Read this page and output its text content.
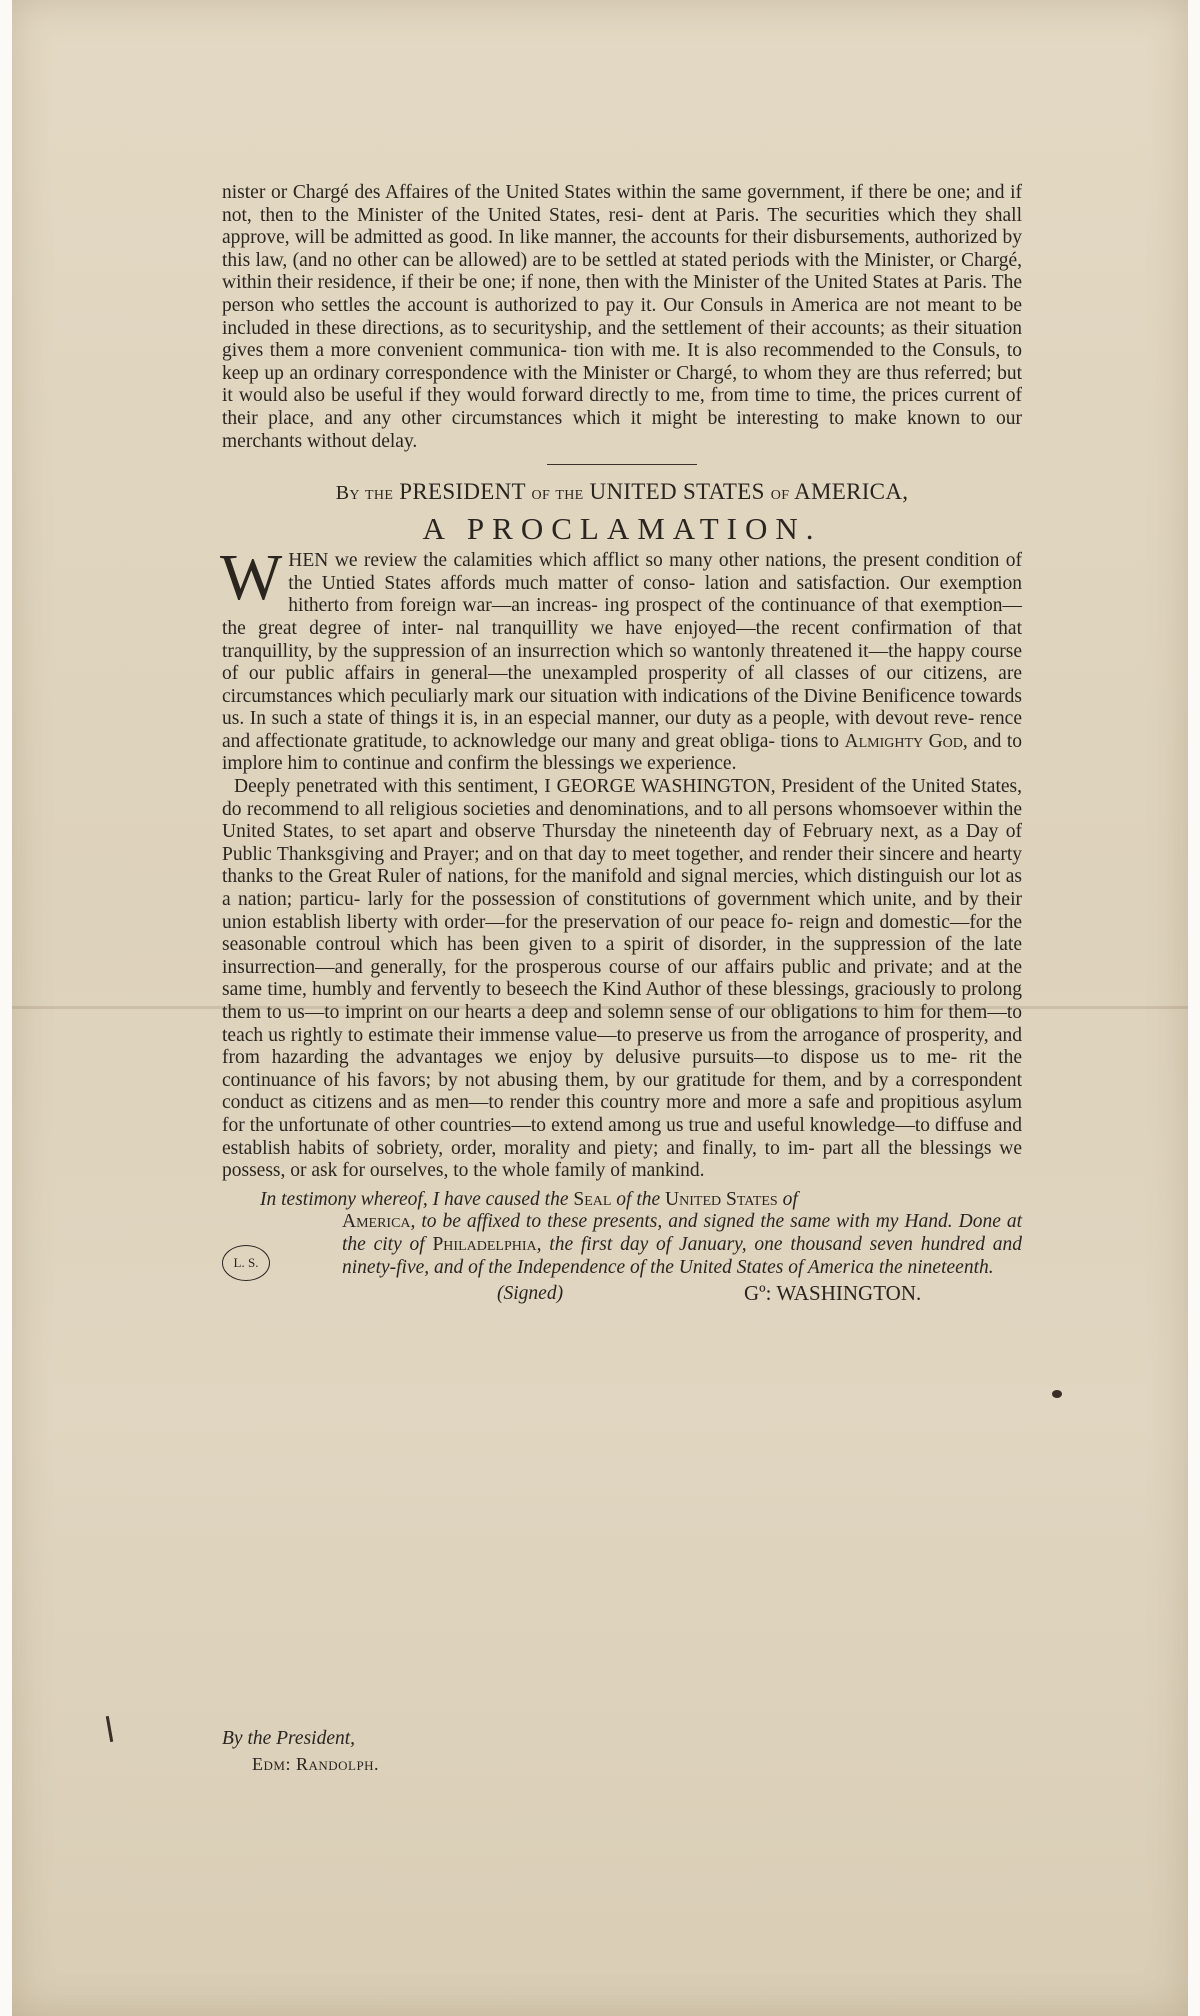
nister or Chargé des Affaires of the United States within the same government, if there be one; and if not, then to the Minister of the United States, resi- dent at Paris. The securities which they shall approve, will be admitted as good. In like manner, the accounts for their disbursements, authorized by this law, (and no other can be allowed) are to be settled at stated periods with the Minister, or Chargé, within their residence, if their be one; if none, then with the Minister of the United States at Paris. The person who settles the account is authorized to pay it. Our Consuls in America are not meant to be included in these directions, as to securityship, and the settlement of their accounts; as their situation gives them a more convenient communica- tion with me. It is also recommended to the Consuls, to keep up an ordinary correspondence with the Minister or Chargé, to whom they are thus referred; but it would also be useful if they would forward directly to me, from time to time, the prices current of their place, and any other circumstances which it might be interesting to make known to our merchants without delay.

By the PRESIDENT of the UNITED STATES of AMERICA,

A PROCLAMATION.

W HEN we review the calamities which afflict so many other nations, the present condition of the Untied States affords much matter of conso- lation and satisfaction. Our exemption hitherto from foreign war—an increas- ing prospect of the continuance of that exemption—the great degree of inter- nal tranquillity we have enjoyed—the recent confirmation of that tranquillity, by the suppression of an insurrection which so wantonly threatened it—the happy course of our public affairs in general—the unexampled prosperity of all classes of our citizens, are circumstances which peculiarly mark our situation with indications of the Divine Benificence towards us. In such a state of things it is, in an especial manner, our duty as a people, with devout reve- rence and affectionate gratitude, to acknowledge our many and great obliga- tions to Almighty God, and to implore him to continue and confirm the blessings we experience.

Deeply penetrated with this sentiment, I GEORGE WASHINGTON, President of the United States, do recommend to all religious societies and denominations, and to all persons whomsoever within the United States, to set apart and observe Thursday the nineteenth day of February next, as a Day of Public Thanksgiving and Prayer; and on that day to meet together, and render their sincere and hearty thanks to the Great Ruler of nations, for the manifold and signal mercies, which distinguish our lot as a nation; particu- larly for the possession of constitutions of government which unite, and by their union establish liberty with order—for the preservation of our peace fo- reign and domestic—for the seasonable controul which has been given to a spirit of disorder, in the suppression of the late insurrection—and generally, for the prosperous course of our affairs public and private; and at the same time, humbly and fervently to beseech the Kind Author of these blessings, graciously to prolong them to us—to imprint on our hearts a deep and solemn sense of our obligations to him for them—to teach us rightly to estimate their immense value—to preserve us from the arrogance of prosperity, and from hazarding the advantages we enjoy by delusive pursuits—to dispose us to me- rit the continuance of his favors; by not abusing them, by our gratitude for them, and by a correspondent conduct as citizens and as men—to render this country more and more a safe and propitious asylum for the unfortunate of other countries—to extend among us true and useful knowledge—to diffuse and establish habits of sobriety, order, morality and piety; and finally, to im- part all the blessings we possess, or ask for ourselves, to the whole family of mankind.

In testimony whereof, I have caused the Seal of the United States of

L. S.

America, to be affixed to these presents, and signed the same with my Hand. Done at the city of Philadelphia, the first day of January, one thousand seven hundred and ninety-five, and of the Independence of the United States of America the nineteenth.

(Signed)	Gº: WASHINGTON.
By the President,
Edm: Randolph.
